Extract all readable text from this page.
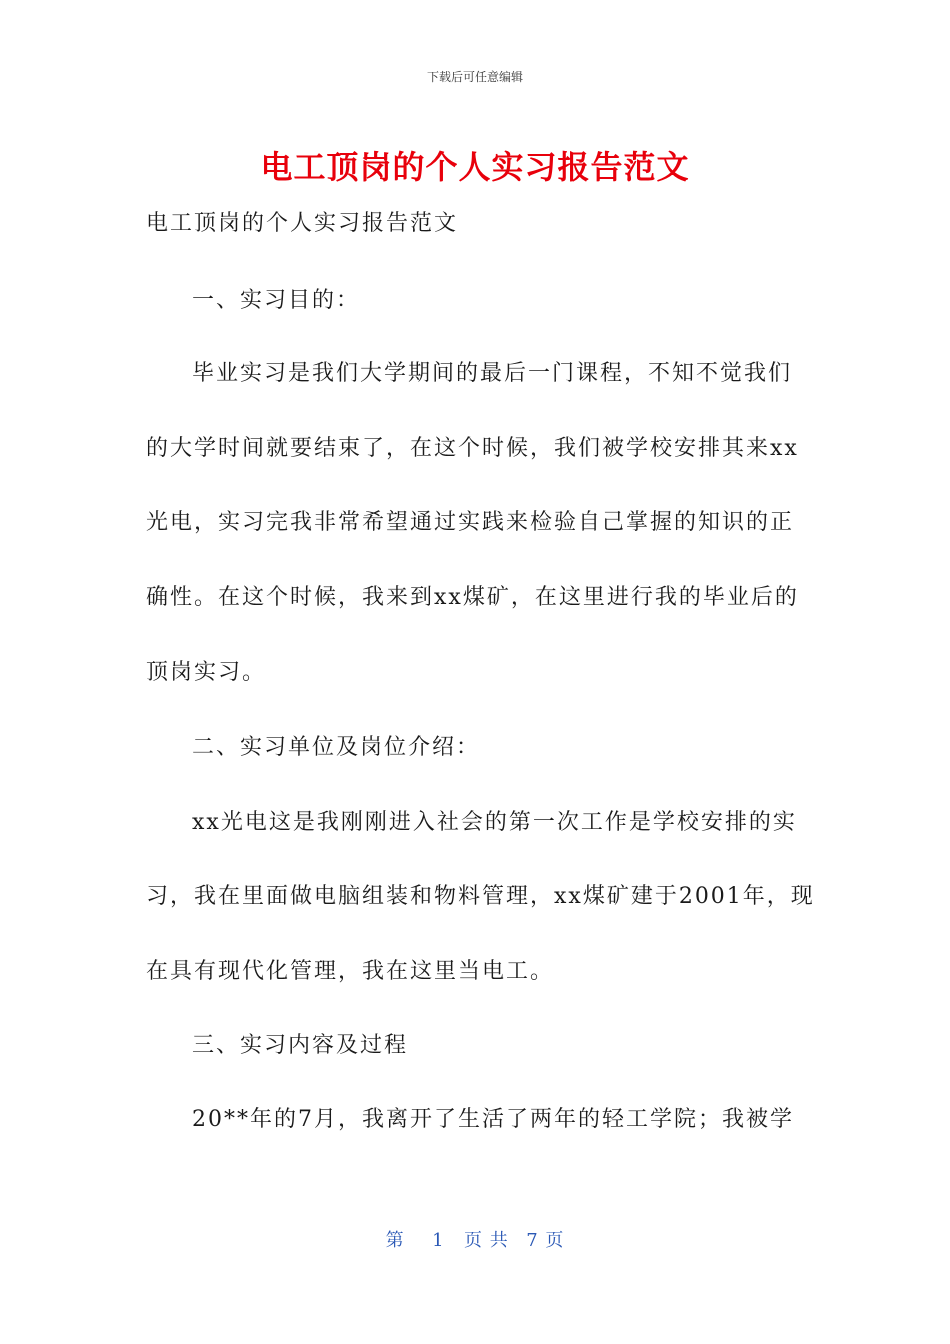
下载后可任意编辑
电工顶岗的个人实习报告范文
电工顶岗的个人实习报告范文
一、实习目的：
毕业实习是我们大学期间的最后一门课程，不知不觉我们
的大学时间就要结束了，在这个时候，我们被学校安排其来xx
光电，实习完我非常希望通过实践来检验自己掌握的知识的正
确性。在这个时候，我来到xx煤矿，在这里进行我的毕业后的
顶岗实习。
二、实习单位及岗位介绍：
xx光电这是我刚刚进入社会的第一次工作是学校安排的实
习，我在里面做电脑组装和物料管理，xx煤矿建于2001年，现
在具有现代化管理，我在这里当电工。
三、实习内容及过程
20**年的7月，我离开了生活了两年的轻工学院；我被学
第 1 页 共 7 页
